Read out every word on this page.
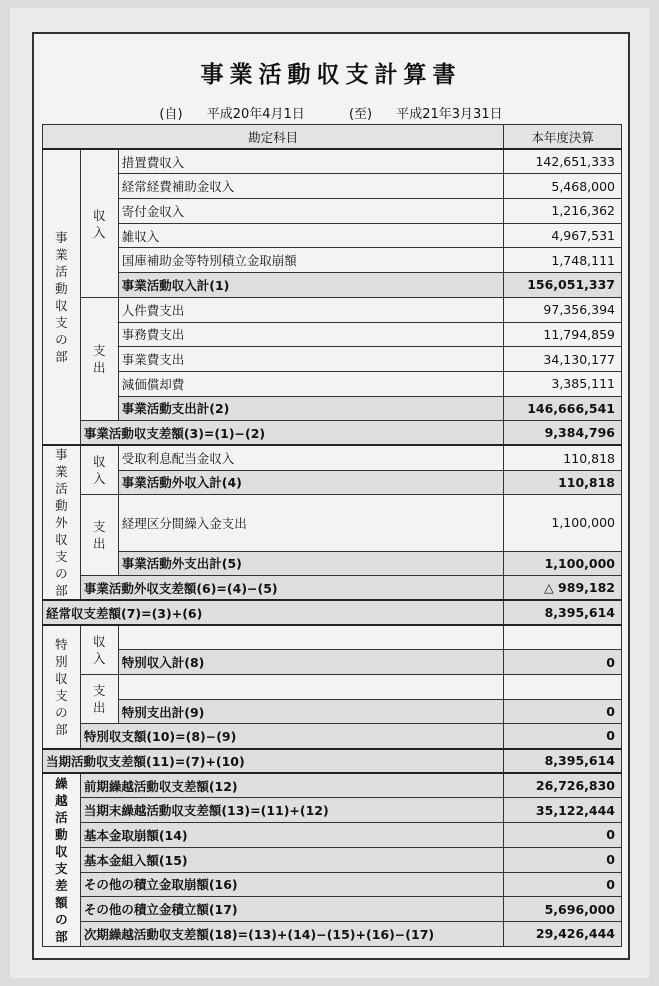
事業活動収支計算書
(自) 平成20年4月1日	(至) 平成21年3月31日
勘定科目			本年度決算
事業活動収支の部	収入	措置費収入	142,651,333
		経常経費補助金収入	5,468,000
		寄付金収入	1,216,362
		雑収入	4,967,531
		国庫補助金等特別積立金取崩額	1,748,111
		事業活動収入計(1)	156,051,337
	支出	人件費支出	97,356,394
		事務費支出	11,794,859
		事業費支出	34,130,177
		減価償却費	3,385,111
		事業活動支出計(2)	146,666,541
	事業活動収支差額(3)=(1)−(2)		9,384,796
事業活動外収支の部	収入	受取利息配当金収入	110,818
		事業活動外収入計(4)	110,818
	支出	経理区分間繰入金支出	1,100,000
		事業活動外支出計(5)	1,100,000
	事業活動外収支差額(6)=(4)−(5)		△ 989,182
経常収支差額(7)=(3)+(6)			8,395,614
特別収支の部	収入		
		特別収入計(8)	0
	支出		
		特別支出計(9)	0
	特別収支額(10)=(8)−(9)		0
当期活動収支差額(11)=(7)+(10)			8,395,614
繰越活動収支差額の部	前期繰越活動収支差額(12)		26,726,830
	当期末繰越活動収支差額(13)=(11)+(12)		35,122,444
	基本金取崩額(14)		0
	基本金組入額(15)		0
	その他の積立金取崩額(16)		0
	その他の積立金積立額(17)		5,696,000
	次期繰越活動収支差額(18)=(13)+(14)−(15)+(16)−(17)		29,426,444
